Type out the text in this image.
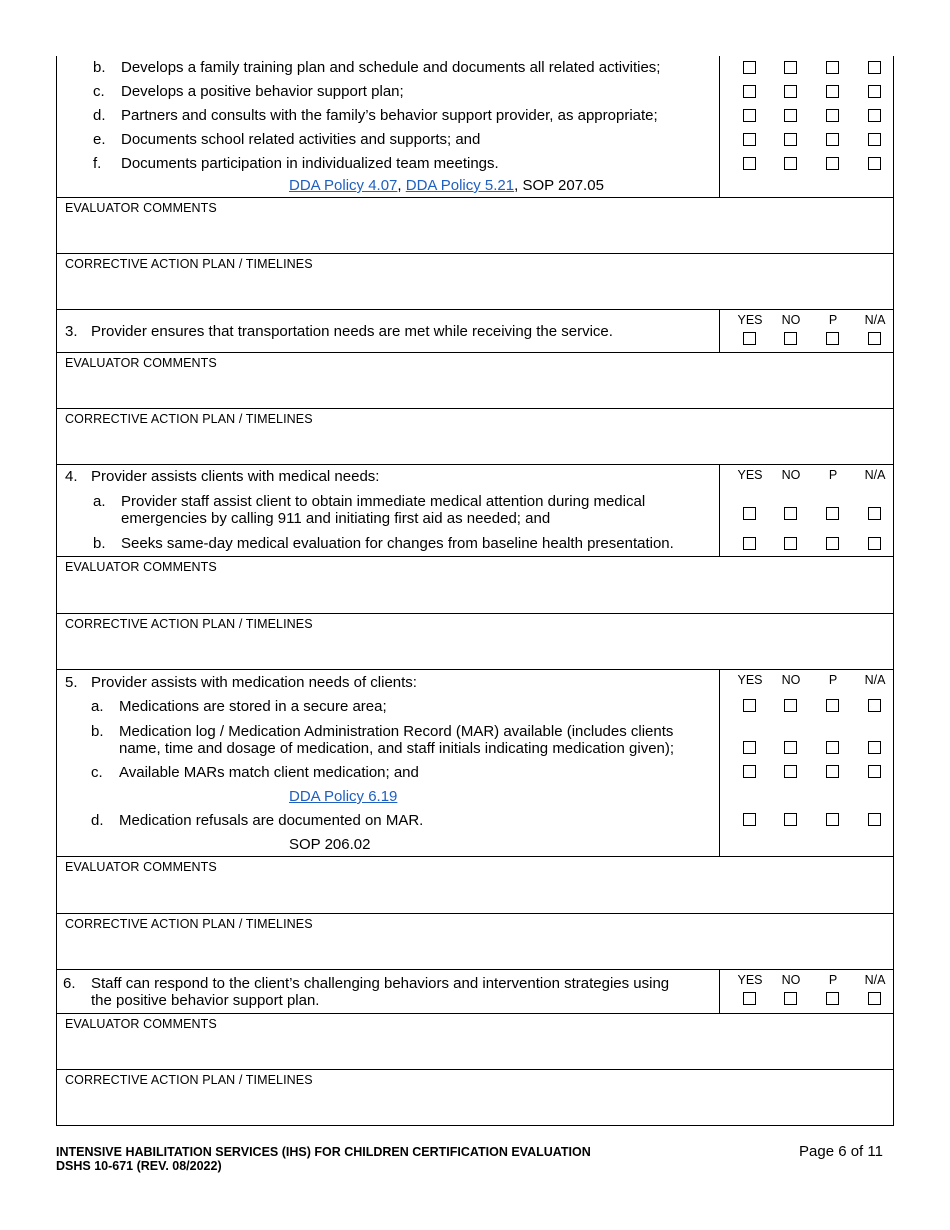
b. Develops a family training plan and schedule and documents all related activities;
c. Develops a positive behavior support plan;
d. Partners and consults with the family’s behavior support provider, as appropriate;
e. Documents school related activities and supports; and
f. Documents participation in individualized team meetings.
DDA Policy 4.07, DDA Policy 5.21, SOP 207.05
EVALUATOR COMMENTS
CORRECTIVE ACTION PLAN / TIMELINES
3. Provider ensures that transportation needs are met while receiving the service.
YES	NO	P	N/A
EVALUATOR COMMENTS
CORRECTIVE ACTION PLAN / TIMELINES
4. Provider assists clients with medical needs:
a. Provider staff assist client to obtain immediate medical attention during medical
emergencies by calling 911 and initiating first aid as needed; and
b. Seeks same-day medical evaluation for changes from baseline health presentation.
YES	NO	P	N/A
EVALUATOR COMMENTS
CORRECTIVE ACTION PLAN / TIMELINES
5. Provider assists with medication needs of clients:
a. Medications are stored in a secure area;
b. Medication log / Medication Administration Record (MAR) available (includes clients
name, time and dosage of medication, and staff initials indicating medication given);
c. Available MARs match client medication; and
DDA Policy 6.19
d. Medication refusals are documented on MAR.
SOP 206.02
YES	NO	P	N/A
EVALUATOR COMMENTS
CORRECTIVE ACTION PLAN / TIMELINES
6. Staff can respond to the client’s challenging behaviors and intervention strategies using
the positive behavior support plan.
YES	NO	P	N/A
EVALUATOR COMMENTS
CORRECTIVE ACTION PLAN / TIMELINES
INTENSIVE HABILITATION SERVICES (IHS) FOR CHILDREN CERTIFICATION EVALUATION
DSHS 10-671 (REV. 08/2022)
Page 6 of 11
